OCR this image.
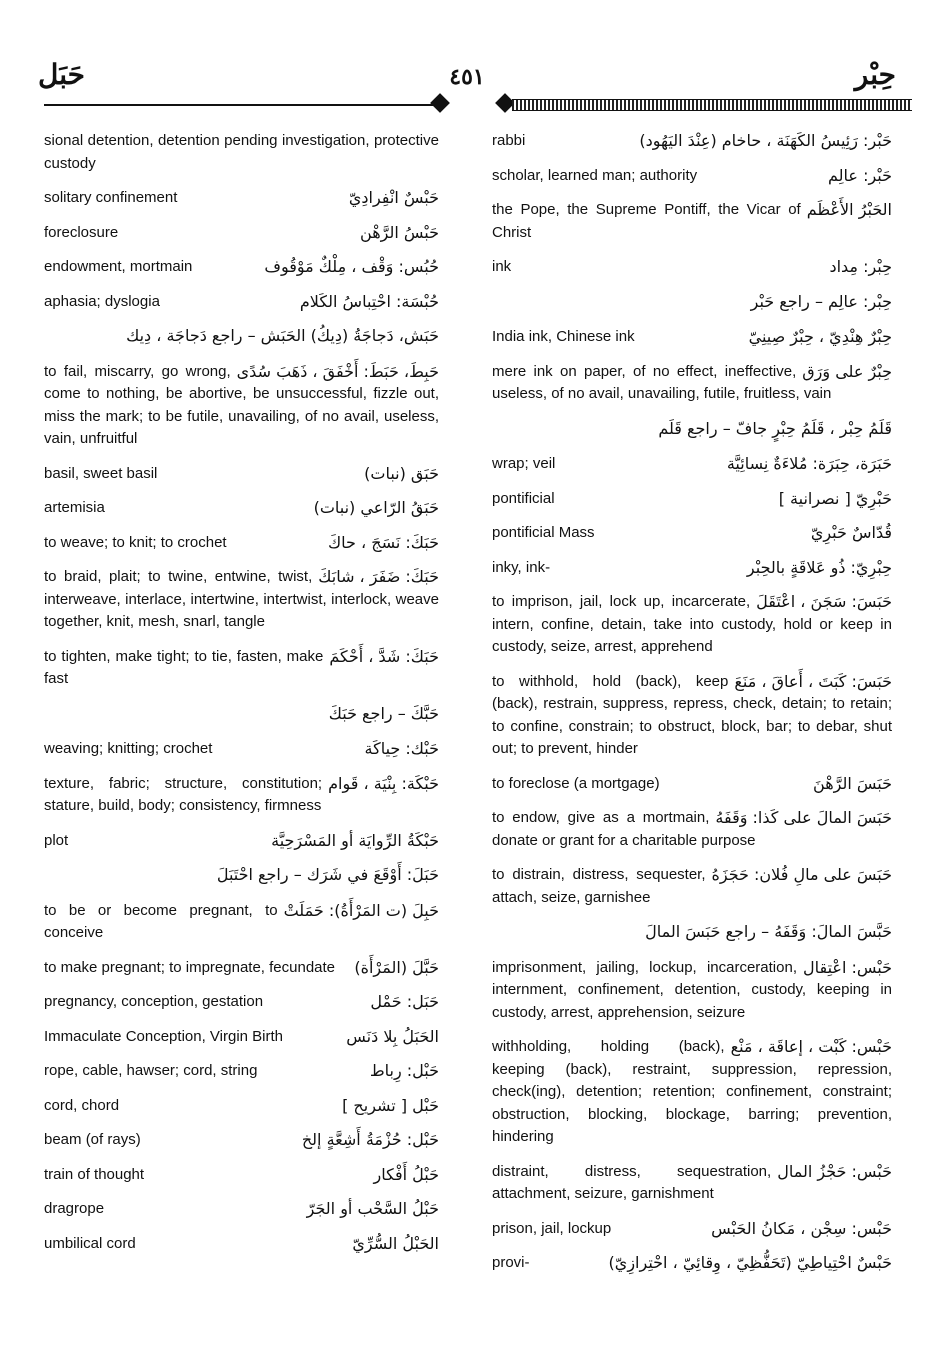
حَبَل	٤٥١	حِبْر
sional detention, detention pending investigation, protective custody
حَبْسٌ انْفِرادِيّ
solitary confinement
حَبْسُ الرَّهْن
foreclosure
حُبُس: وَقْف ، مِلْكٌ مَوْقُوف
endowment, mortmain
حُبْسَة: احْتِباسُ الكَلام
aphasia; dyslogia
حَبَش، دَجاجَةُ (دِيكُ) الحَبَش – راجع دَجاجَة ، دِيك
حَبِطَ، حَبَطَ: أَخْفَقَ ، ذَهَبَ سُدًى
to fail, miscarry, go wrong, come to nothing, be abortive, be unsuccessful, fizzle out, miss the mark; to be futile, unavailing, of no avail, useless, vain, unfruitful
حَبَق (نبات)
basil, sweet basil
حَبَقُ الرّاعي (نبات)
artemisia
حَبَكَ: نَسَجَ ، حاكَ
to weave; to knit; to crochet
حَبَكَ: ضَفَرَ ، شابَكَ
to braid, plait; to twine, entwine, twist, interweave, interlace, intertwine, intertwist, interlock, weave together, knit, mesh, snarl, tangle
حَبَكَ: شَدَّ ، أَحْكَمَ
to tighten, make tight; to tie, fasten, make fast
حَبَّكَ – راجع حَبَكَ
حَبْك: حِياكَة
weaving; knitting; crochet
حَبْكَة: بِنْيَة ، قَوام
texture, fabric; structure, constitution; stature, build, body; consistency, firmness
حَبْكَةُ الرِّوايَة أو المَسْرَحِيَّة
plot
حَبَلَ: أَوْقَعَ في شَرَك – راجع احْتَبَلَ
حَبِلَ (ت المَرْأَةُ): حَمَلَتْ
to be or become pregnant, to conceive
حَبَّلَ (المَرْأَة)
to make pregnant; to impregnate, fecundate
حَبَل: حَمْل
pregnancy, conception, gestation
الحَبَلُ بِلا دَنَس
Immaculate Conception, Virgin Birth
حَبْل: رِباط
rope, cable, hawser; cord, string
حَبْل [ تشريح ]
cord, chord
حَبْل: حُزْمَةُ أَشِعَّةٍ إلخ
beam (of rays)
حَبْلُ أَفْكار
train of thought
حَبْلُ السَّحْب أو الجَرّ
dragrope
الحَبْلُ السُّرِّيّ
umbilical cord
حَبْر: رَئِيسُ الكَهَنَة ، حاخام (عِنْدَ اليَهُود)
rabbi
حَبْر: عالِم
scholar, learned man; authority
الحَبْرُ الأَعْظَم
the Pope, the Supreme Pontiff, the Vicar of Christ
حِبْر: مِداد
ink
حِبْر: عالِم – راجع حَبْر
حِبْرٌ هِنْدِيّ ، حِبْرٌ صِينِيّ
India ink, Chinese ink
حِبْرٌ على وَرَق
mere ink on paper, of no effect, ineffective, useless, of no avail, unavailing, futile, fruitless, vain
قَلَمُ حِبْر ، قَلَمُ حِبْرٍ جافّ – راجع قَلَم
حَبَرَة، حِبَرَة: مُلاءَةٌ نِسائِيَّة
wrap; veil
حَبْرِيّ [ نصرانية ]
pontificial
قُدّاسٌ حَبْرِيّ
pontificial Mass
حِبْرِيّ: ذُو عَلاقَةٍ بالحِبْر
inky, ink-
حَبَسَ: سَجَنَ ، اعْتَقَلَ
to imprison, jail, lock up, incarcerate, intern, confine, detain, take into custody, hold or keep in custody, seize, arrest, apprehend
حَبَسَ: كَبَتَ ، أَعاقَ ، مَنَعَ
to withhold, hold (back), keep (back), restrain, suppress, repress, check, detain; to retain; to confine, constrain; to obstruct, block, bar; to debar, shut out; to prevent, hinder
حَبَسَ الرَّهْنَ
to foreclose (a mortgage)
حَبَسَ المالَ على كَذا: وَقَفَهُ
to endow, give as a mortmain, donate or grant for a charitable purpose
حَبَسَ على مالِ فُلان: حَجَزَهُ
to distrain, distress, sequester, attach, seize, garnishee
حَبَّسَ المالَ: وَقَفَهُ – راجع حَبَسَ المالَ
حَبْس: اعْتِقال
imprisonment, jailing, lockup, incarceration, internment, confinement, detention, custody, keeping in custody, arrest, apprehension, seizure
حَبْس: كَبْت ، إعاقَة ، مَنْع
withholding, holding (back), keeping (back), restraint, suppression, repression, check(ing), detention; retention; confinement, constraint; obstruction, blocking, blockage, barring; prevention, hindering
حَبْس: حَجْزُ المال
distraint, distress, sequestration, attachment, seizure, garnishment
حَبْس: سِجْن ، مَكانُ الحَبْس
prison, jail, lockup
حَبْسٌ احْتِياطِيّ (تَحَفُّظِيّ ، وِقائِيّ ، احْتِرازِيّ)
provi-
